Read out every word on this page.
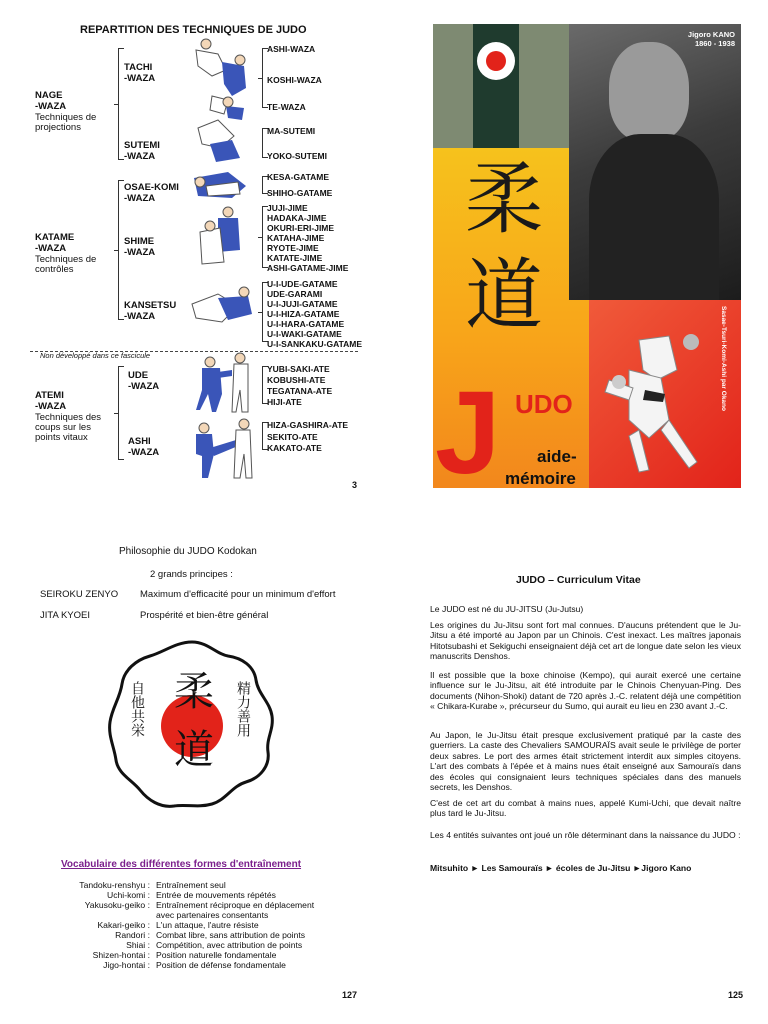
REPARTITION DES TECHNIQUES DE JUDO
NAGE
-WAZA
Techniques de
projections
TACHI
-WAZA
SUTEMI
-WAZA
ASHI-WAZA
KOSHI-WAZA
TE-WAZA
MA-SUTEMI
YOKO-SUTEMI
KATAME
-WAZA
Techniques de
contrôles
OSAE-KOMI
-WAZA
SHIME
-WAZA
KANSETSU
-WAZA
KESA-GATAME
SHIHO-GATAME
JUJI-JIME
HADAKA-JIME
OKURI-ERI-JIME
KATAHA-JIME
RYOTE-JIME
KATATE-JIME
ASHI-GATAME-JIME
U-I-UDE-GATAME
UDE-GARAMI
U-I-JUJI-GATAME
U-I-HIZA-GATAME
U-I-HARA-GATAME
U-I-WAKI-GATAME
U-I-SANKAKU-GATAME
Non développé dans ce fascicule
ATEMI
-WAZA
Techniques des
coups sur les
points vitaux
UDE
-WAZA
ASHI
-WAZA
YUBI-SAKI-ATE
KOBUSHI-ATE
TEGATANA-ATE
HIJI-ATE
HIZA-GASHIRA-ATE
SEKITO-ATE
KAKATO-ATE
3
Jigoro KANO
1860 - 1938
Sasae-Tsuri-Komi-Ashi par Okano
柔
道
J UDO
aide-
mémoire
Philosophie du JUDO Kodokan
2 grands principes :
SEIROKU ZENYO Maximum d'efficacité pour un minimum d'effort
JITA KYOEI	Prospérité et bien-être général
柔
道
自他共栄	精力善用
Vocabulaire des différentes formes d'entraînement
Tandoku-renshyu : Entraînement seul
Uchi-komi : Entrée de mouvements répétés
Yakusoku-geiko : Entraînement réciproque en déplacement
avec partenaires consentants
Kakari-geiko : L'un attaque, l'autre résiste
Randori : Combat libre, sans attribution de points
Shiai : Compétition, avec attribution de points
Shizen-hontai : Position naturelle fondamentale
Jigo-hontai : Position de défense fondamentale
127
JUDO – Curriculum Vitae
Le JUDO est né du JU-JITSU (Ju-Jutsu)
Les origines du Ju-Jitsu sont fort mal connues. D'aucuns prétendent que le Ju-Jitsu a été importé au Japon par un Chinois. C'est inexact. Les maîtres japonais Hitotsubashi et Sekiguchi enseignaient déjà cet art de longue date selon les vieux manuscrits Denshos.
Il est possible que la boxe chinoise (Kempo), qui aurait exercé une certaine influence sur le Ju-Jitsu, ait été introduite par le Chinois Chenyuan-Ping. Des documents (Nihon-Shoki) datant de 720 après J.-C. relatent déjà une compétition « Chikara-Kurabe », précurseur du Sumo, qui aurait eu lieu en 230 avant J.-C.
Au Japon, le Ju-Jitsu était presque exclusivement pratiqué par la caste des guerriers. La caste des Chevaliers SAMOURAÏS avait seule le privilège de porter deux sabres. Le port des armes était strictement interdit aux simples citoyens. L'art des combats à l'épée et à mains nues était enseigné aux Samouraïs dans des écoles qui consignaient leurs techniques spéciales dans des manuels secrets, les Denshos.
C'est de cet art du combat à mains nues, appelé Kumi-Uchi, que devait naître plus tard le Ju-Jitsu.
Les 4 entités suivantes ont joué un rôle déterminant dans la naissance du JUDO :
Mitsuhito ► Les Samouraïs ► écoles de Ju-Jitsu ►Jigoro Kano
125
